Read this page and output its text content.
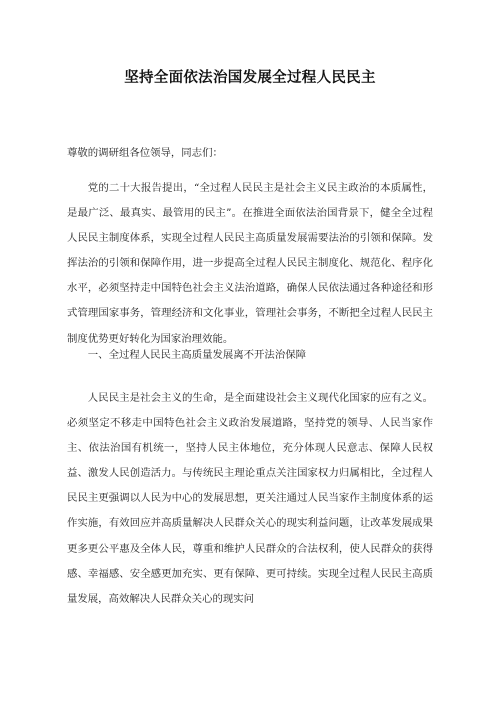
坚持全面依法治国发展全过程人民民主
尊敬的调研组各位领导，同志们：

党的二十大报告提出，“全过程人民民主是社会主义民主政治的本质属性，是最广泛、最真实、最管用的民主”。在推进全面依法治国背景下，健全全过程人民民主制度体系，实现全过程人民民主高质量发展需要法治的引领和保障。发挥法治的引领和保障作用，进一步提高全过程人民民主制度化、规范化、程序化水平，必须坚持走中国特色社会主义法治道路，确保人民依法通过各种途径和形式管理国家事务，管理经济和文化事业，管理社会事务，不断把全过程人民民主制度优势更好转化为国家治理效能。

一、全过程人民民主高质量发展离不开法治保障

人民民主是社会主义的生命，是全面建设社会主义现代化国家的应有之义。必须坚定不移走中国特色社会主义政治发展道路，坚持党的领导、人民当家作主、依法治国有机统一，坚持人民主体地位，充分体现人民意志、保障人民权益、激发人民创造活力。与传统民主理论重点关注国家权力归属相比，全过程人民民主更强调以人民为中心的发展思想，更关注通过人民当家作主制度体系的运作实施，有效回应并高质量解决人民群众关心的现实利益问题，让改革发展成果更多更公平惠及全体人民，尊重和维护人民群众的合法权利，使人民群众的获得感、幸福感、安全感更加充实、更有保障、更可持续。实现全过程人民民主高质量发展，高效解决人民群众关心的现实问
